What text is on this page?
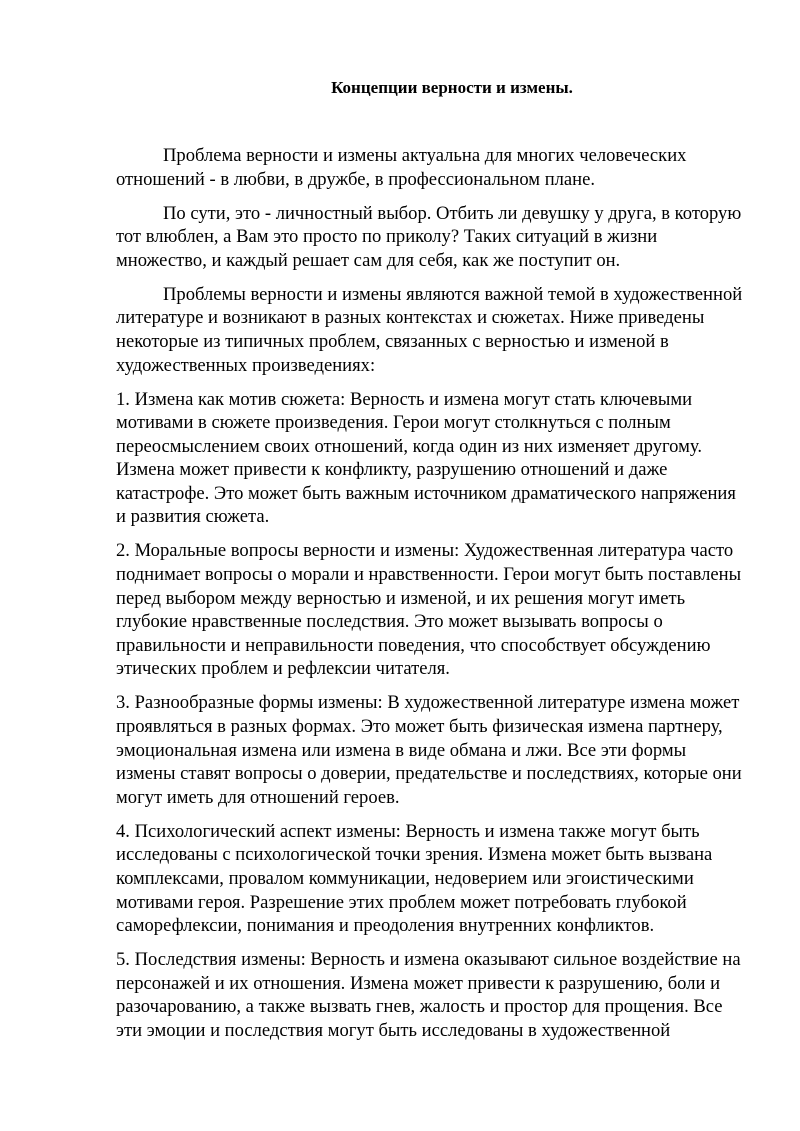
Концепции верности и измены.

Проблема верности и измены актуальна для многих человеческих отношений - в любви, в дружбе, в профессиональном плане.

По сути, это - личностный выбор. Отбить ли девушку у друга, в которую тот влюблен, а Вам это просто по приколу? Таких ситуаций в жизни множество, и каждый решает сам для себя, как же поступит он.

Проблемы верности и измены являются важной темой в художественной литературе и возникают в разных контекстах и сюжетах. Ниже приведены некоторые из типичных проблем, связанных с верностью и изменой в художественных произведениях:

1. Измена как мотив сюжета: Верность и измена могут стать ключевыми мотивами в сюжете произведения. Герои могут столкнуться с полным переосмыслением своих отношений, когда один из них изменяет другому. Измена может привести к конфликту, разрушению отношений и даже катастрофе. Это может быть важным источником драматического напряжения и развития сюжета.

2. Моральные вопросы верности и измены: Художественная литература часто поднимает вопросы о морали и нравственности. Герои могут быть поставлены перед выбором между верностью и изменой, и их решения могут иметь глубокие нравственные последствия. Это может вызывать вопросы о правильности и неправильности поведения, что способствует обсуждению этических проблем и рефлексии читателя.

3. Разнообразные формы измены: В художественной литературе измена может проявляться в разных формах. Это может быть физическая измена партнеру, эмоциональная измена или измена в виде обмана и лжи. Все эти формы измены ставят вопросы о доверии, предательстве и последствиях, которые они могут иметь для отношений героев.

4. Психологический аспект измены: Верность и измена также могут быть исследованы с психологической точки зрения. Измена может быть вызвана комплексами, провалом коммуникации, недоверием или эгоистическими мотивами героя. Разрешение этих проблем может потребовать глубокой саморефлексии, понимания и преодоления внутренних конфликтов.

5. Последствия измены: Верность и измена оказывают сильное воздействие на персонажей и их отношения. Измена может привести к разрушению, боли и разочарованию, а также вызвать гнев, жалость и простор для прощения. Все эти эмоции и последствия могут быть исследованы в художественной
